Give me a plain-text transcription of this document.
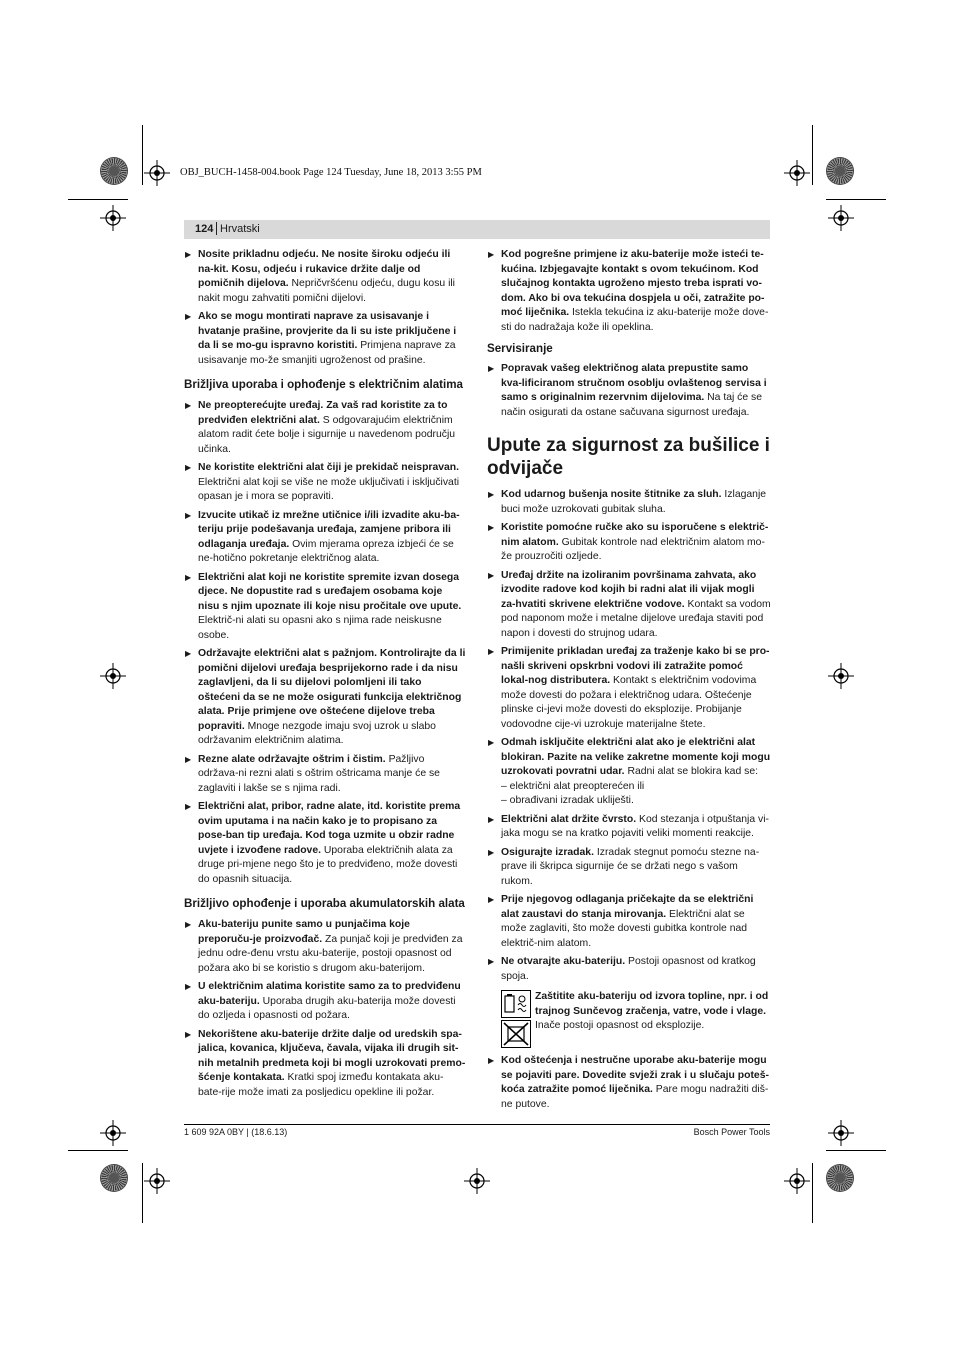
OBJ_BUCH-1458-004.book Page 124 Tuesday, June 18, 2013 3:55 PM
124 Hrvatski
▶ Nosite prikladnu odjeću. Ne nosite široku odjeću ili na-kit. Kosu, odjeću i rukavice držite dalje od pomičnih dijelova. Nepričvršćenu odjeću, dugu kosu ili nakit mogu zahvatiti pomični dijelovi.
▶ Ako se mogu montirati naprave za usisavanje i hvatanje prašine, provjerite da li su iste priključene i da li se mo-gu ispravno koristiti. Primjena naprave za usisavanje mo-že smanjiti ugroženost od prašine.
Brižljiva uporaba i ophođenje s električnim alatima
▶ Ne preopterećujte uređaj. Za vaš rad koristite za to predviđen električni alat. S odgovarajućim električnim alatom radit ćete bolje i sigurnije u navedenom području učinka.
▶ Ne koristite električni alat čiji je prekidač neispravan. Električni alat koji se više ne može uključivati i isključivati opasan je i mora se popraviti.
▶ Izvucite utikač iz mrežne utičnice i/ili izvadite aku-ba-teriju prije podešavanja uređaja, zamjene pribora ili odlaganja uređaja. Ovim mjerama opreza izbjeći će se ne-hotično pokretanje električnog alata.
▶ Električni alat koji ne koristite spremite izvan dosega djece. Ne dopustite rad s uređajem osobama koje nisu s njim upoznate ili koje nisu pročitale ove upute. Električ-ni alati su opasni ako s njima rade neiskusne osobe.
▶ Održavajte električni alat s pažnjom. Kontrolirajte da li pomični dijelovi uređaja besprijekorno rade i da nisu zaglavljeni, da li su dijelovi polomljeni ili tako oštećeni da se ne može osigurati funkcija električnog alata. Prije primjene ove oštećene dijelove treba popraviti. Mnoge nezgode imaju svoj uzrok u slabo održavanim električnim alatima.
▶ Rezne alate održavajte oštrim i čistim. Pažljivo održava-ni rezni alati s oštrim oštricama manje će se zaglaviti i lakše se s njima radi.
▶ Električni alat, pribor, radne alate, itd. koristite prema ovim uputama i na način kako je to propisano za pose-ban tip uređaja. Kod toga uzmite u obzir radne uvjete i izvođene radove. Uporaba električnih alata za druge pri-mjene nego što je to predviđeno, može dovesti do opasnih situacija.
Brižljivo ophođenje i uporaba akumulatorskih alata
▶ Aku-bateriju punite samo u punjačima koje preporuču-je proizvođač. Za punjač koji je predviđen za jednu odre-đenu vrstu aku-baterije, postoji opasnost od požara ako bi se koristio s drugom aku-baterijom.
▶ U električnim alatima koristite samo za to predviđenu aku-bateriju. Uporaba drugih aku-baterija može dovesti do ozljeda i opasnosti od požara.
▶ Nekorištene aku-baterije držite dalje od uredskih spa-jalica, kovanica, ključeva, čavala, vijaka ili drugih sit-nih metalnih predmeta koji bi mogli uzrokovati premo-šćenje kontakata. Kratki spoj između kontakata aku-bate-rije može imati za posljedicu opekline ili požar.
▶ Kod pogrešne primjene iz aku-baterije može isteći te-kućina. Izbjegavajte kontakt s ovom tekućinom. Kod slučajnog kontakta ugroženo mjesto treba isprati vo-dom. Ako bi ova tekućina dospjela u oči, zatražite po-moć liječnika. Istekla tekućina iz aku-baterije može dove-sti do nadražaja kože ili opeklina.
Servisiranje
▶ Popravak vašeg električnog alata prepustite samo kva-lificiranom stručnom osoblju ovlaštenog servisa i samo s originalnim rezervnim dijelovima. Na taj će se način osigurati da ostane sačuvana sigurnost uređaja.
Upute za sigurnost za bušilice i odvijače
▶ Kod udarnog bušenja nosite štitnike za sluh. Izlaganje buci može uzrokovati gubitak sluha.
▶ Koristite pomoćne ručke ako su isporučene s električ-nim alatom. Gubitak kontrole nad električnim alatom mo-že prouzročiti ozljede.
▶ Uređaj držite na izoliranim površinama zahvata, ako izvodite radove kod kojih bi radni alat ili vijak mogli za-hvatiti skrivene električne vodove. Kontakt sa vodom pod naponom može i metalne dijelove uređaja staviti pod napon i dovesti do strujnog udara.
▶ Primijenite prikladan uređaj za traženje kako bi se pro-našli skriveni opskrbni vodovi ili zatražite pomoć lokal-nog distributera. Kontakt s električnim vodovima može dovesti do požara i električnog udara. Oštećenje plinske ci-jevi može dovesti do eksplozije. Probijanje vodovodne cije-vi uzrokuje materijalne štete.
▶ Odmah isključite električni alat ako je električni alat blokiran. Pazite na velike zakretne momente koji mogu uzrokovati povratni udar. Radni alat se blokira kad se:
– električni alat preopterećen ili
– obrađivani izradak ukliješti.
▶ Električni alat držite čvrsto. Kod stezanja i otpuštanja vi-jaka mogu se na kratko pojaviti veliki momenti reakcije.
▶ Osigurajte izradak. Izradak stegnut pomoću stezne na-prave ili škripca sigurnije će se držati nego s vašom rukom.
▶ Prije njegovog odlaganja pričekajte da se električni alat zaustavi do stanja mirovanja. Električni alat se može zaglaviti, što može dovesti gubitka kontrole nad električ-nim alatom.
▶ Ne otvarajte aku-bateriju. Postoji opasnost od kratkog spoja.
Zaštitite aku-bateriju od izvora topline, npr. i od trajnog Sunčevog zračenja, vatre, vode i vlage. Inače postoji opasnost od eksplozije.
▶ Kod oštećenja i nestručne uporabe aku-baterije mogu se pojaviti pare. Dovedite svježi zrak i u slučaju poteš-koća zatražite pomoć liječnika. Pare mogu nadražiti diš-ne putove.
1 609 92A 0BY | (18.6.13)	Bosch Power Tools
